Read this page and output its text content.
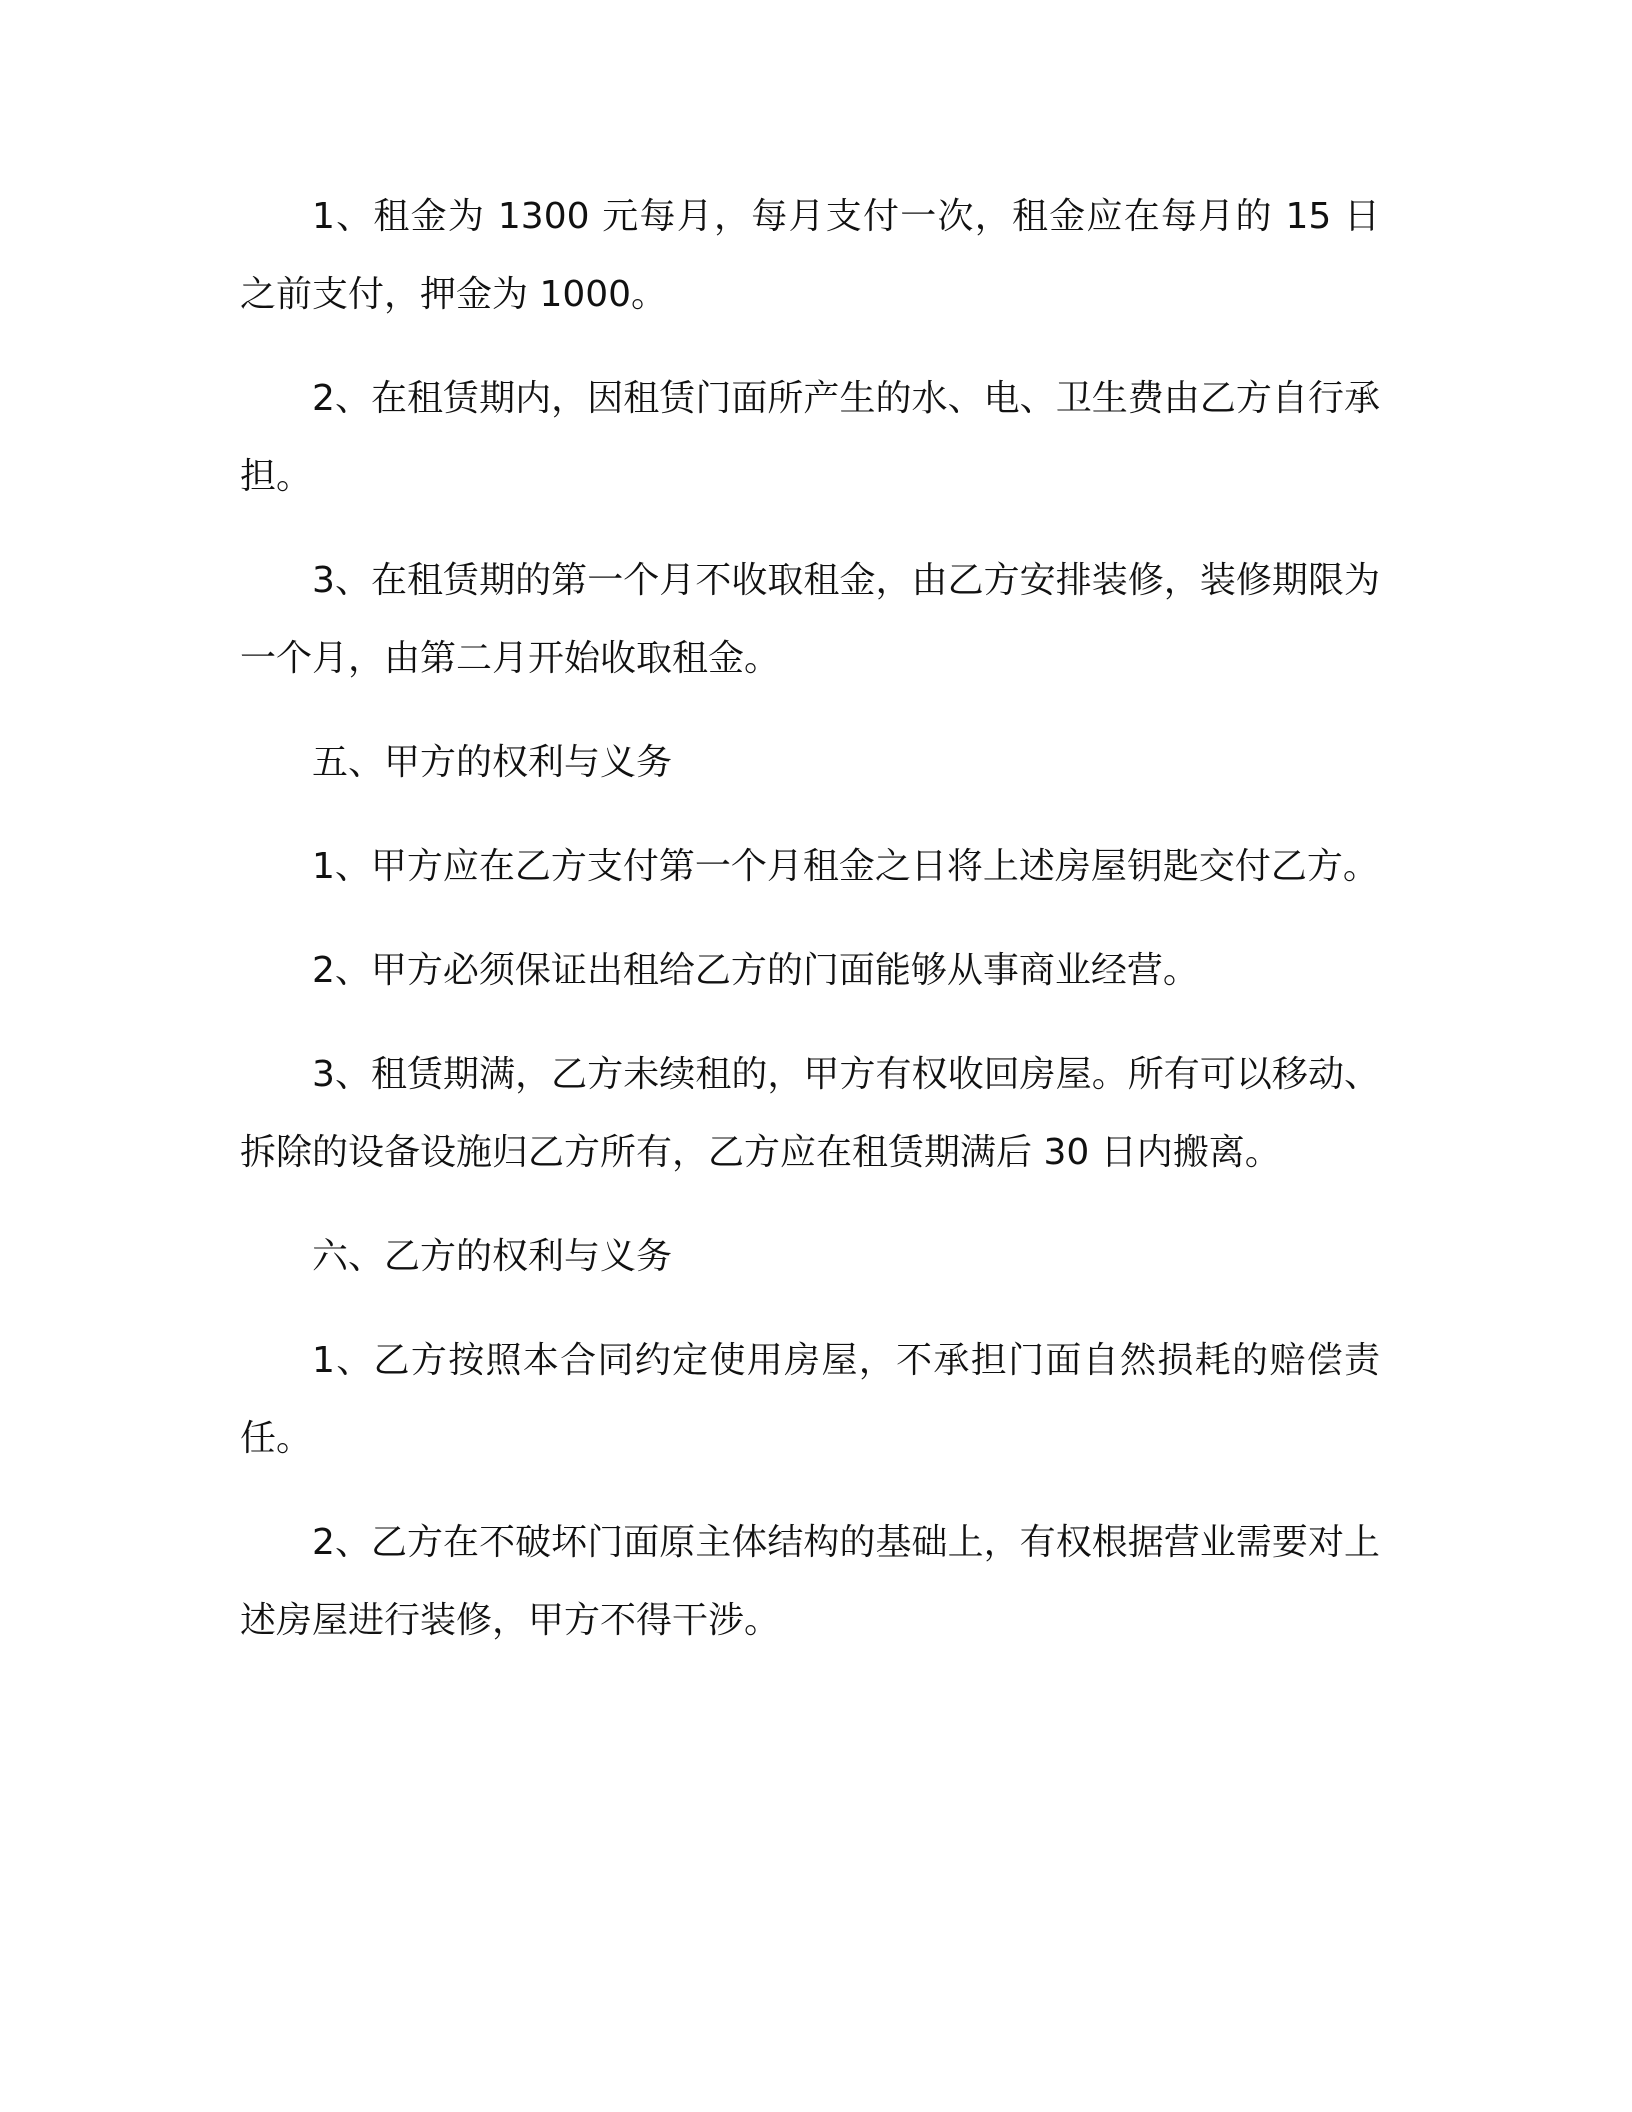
1、租金为 1300 元每月，每月支付一次，租金应在每月的 15 日之前支付，押金为 1000。

2、在租赁期内，因租赁门面所产生的水、电、卫生费由乙方自行承担。

3、在租赁期的第一个月不收取租金，由乙方安排装修，装修期限为一个月，由第二月开始收取租金。

五、甲方的权利与义务

1、甲方应在乙方支付第一个月租金之日将上述房屋钥匙交付乙方。

2、甲方必须保证出租给乙方的门面能够从事商业经营。

3、租赁期满，乙方未续租的，甲方有权收回房屋。所有可以移动、拆除的设备设施归乙方所有，乙方应在租赁期满后 30 日内搬离。

六、乙方的权利与义务

1、乙方按照本合同约定使用房屋，不承担门面自然损耗的赔偿责任。

2、乙方在不破坏门面原主体结构的基础上，有权根据营业需要对上述房屋进行装修，甲方不得干涉。
